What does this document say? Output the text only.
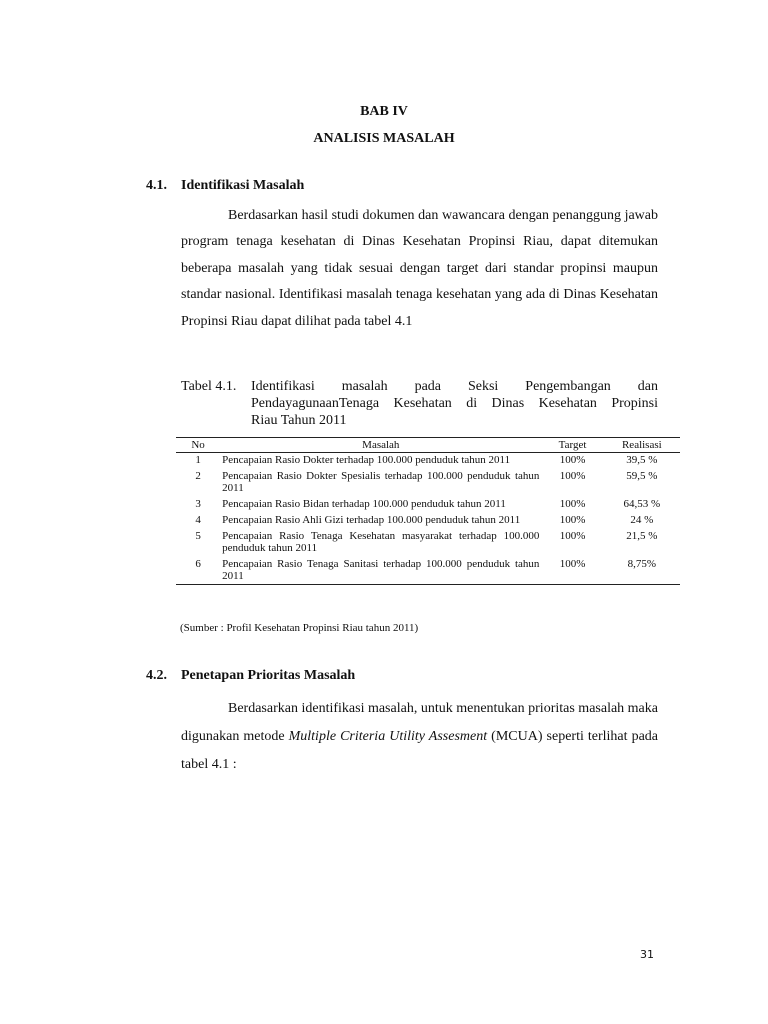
BAB IV
ANALISIS MASALAH
4.1. Identifikasi Masalah

Berdasarkan hasil studi dokumen dan wawancara dengan penanggung jawab program tenaga kesehatan di Dinas Kesehatan Propinsi Riau, dapat ditemukan beberapa masalah yang tidak sesuai dengan target dari standar propinsi maupun standar nasional. Identifikasi masalah tenaga kesehatan yang ada di Dinas Kesehatan Propinsi Riau dapat dilihat pada tabel 4.1

Tabel 4.1.	Identifikasi masalah pada Seksi Pengembangan dan PendayagunaanTenaga Kesehatan di Dinas Kesehatan Propinsi
Riau Tahun 2011
No	Masalah	Target	Realisasi
1	Pencapaian Rasio Dokter terhadap 100.000 penduduk tahun 2011	100%	39,5 %
2	Pencapaian Rasio Dokter Spesialis terhadap 100.000 penduduk tahun 2011	100%	59,5 %
3	Pencapaian Rasio Bidan terhadap 100.000 penduduk tahun 2011	100%	64,53 %
4	Pencapaian Rasio Ahli Gizi terhadap 100.000 penduduk tahun 2011	100%	24 %
5	Pencapaian Rasio Tenaga Kesehatan masyarakat terhadap 100.000 penduduk tahun 2011	100%	21,5 %
6	Pencapaian Rasio Tenaga Sanitasi terhadap 100.000 penduduk tahun 2011	100%	8,75%
(Sumber : Profil Kesehatan Propinsi Riau tahun 2011)
4.2. Penetapan Prioritas Masalah

Berdasarkan identifikasi masalah, untuk menentukan prioritas masalah maka digunakan metode Multiple Criteria Utility Assesment (MCUA) seperti terlihat pada tabel 4.1 :

31
